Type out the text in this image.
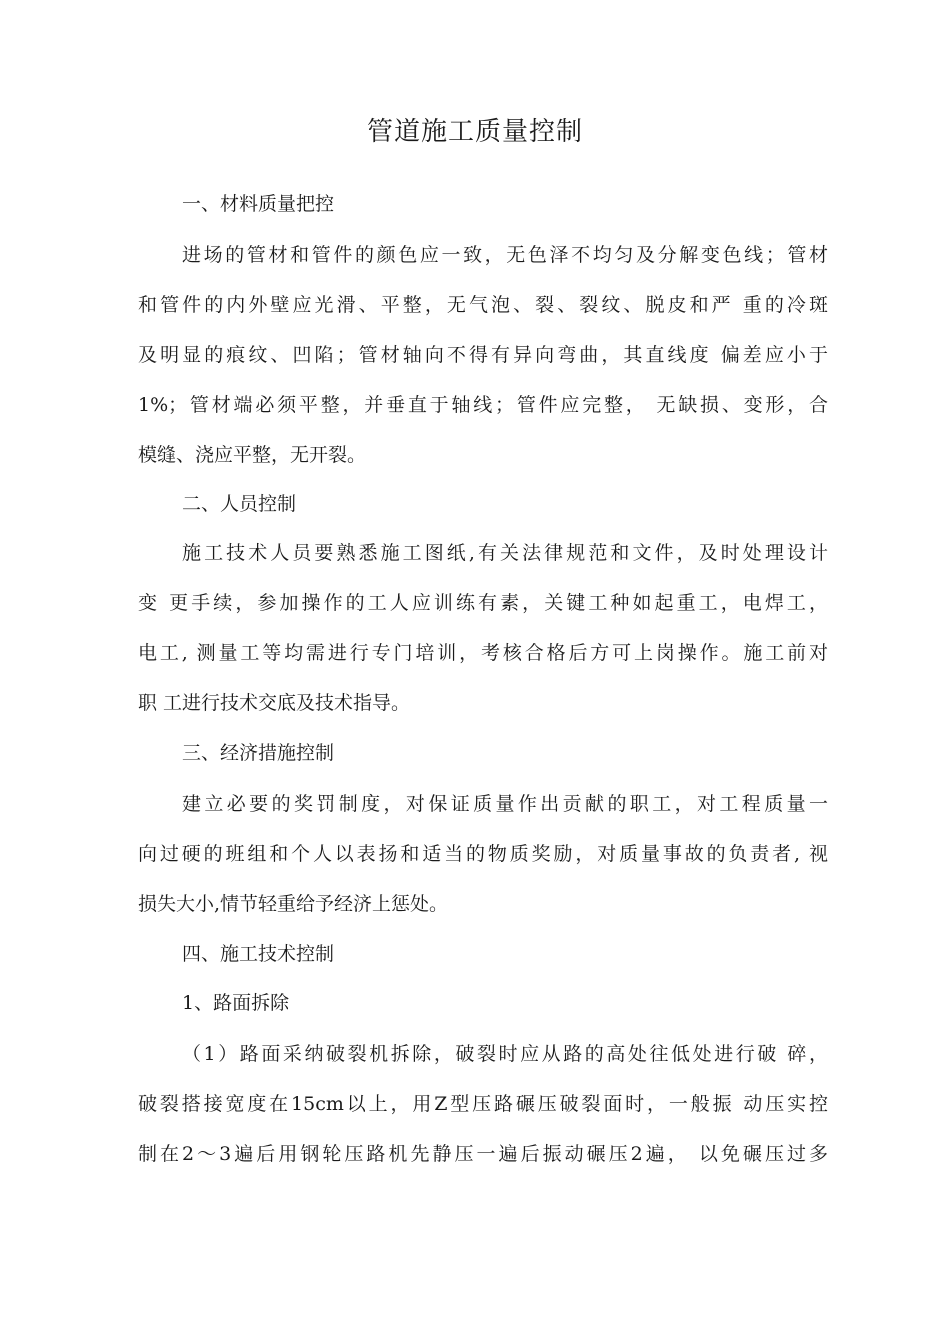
管道施工质量控制
一、材料质量把控
进场的管材和管件的颜色应一致，无色泽不均匀及分解变色线；管材
和管件的内外壁应光滑、平整，无气泡、裂、裂纹、脱皮和严 重的冷斑
及明显的痕纹、凹陷；管材轴向不得有异向弯曲，其直线度 偏差应小于
1%；管材端必须平整，并垂直于轴线；管件应完整， 无缺损、变形，合
模缝、浇应平整，无开裂。
二、人员控制
施工技术人员要熟悉施工图纸,有关法律规范和文件，及时处理设计
变 更手续，参加操作的工人应训练有素，关键工种如起重工，电焊工，
电工, 测量工等均需进行专门培训，考核合格后方可上岗操作。施工前对
职 工进行技术交底及技术指导。
三、经济措施控制
建立必要的奖罚制度，对保证质量作出贡献的职工，对工程质量一
向过硬的班组和个人以表扬和适当的物质奖励，对质量事故的负责者, 视
损失大小,情节轻重给予经济上惩处。
四、施工技术控制
1、路面拆除
（1）路面采纳破裂机拆除，破裂时应从路的高处往低处进行破 碎，
破裂搭接宽度在15cm以上，用Z型压路碾压破裂面时，一般振 动压实控
制在2〜3遍后用钢轮压路机先静压一遍后振动碾压2遍， 以免碾压过多
